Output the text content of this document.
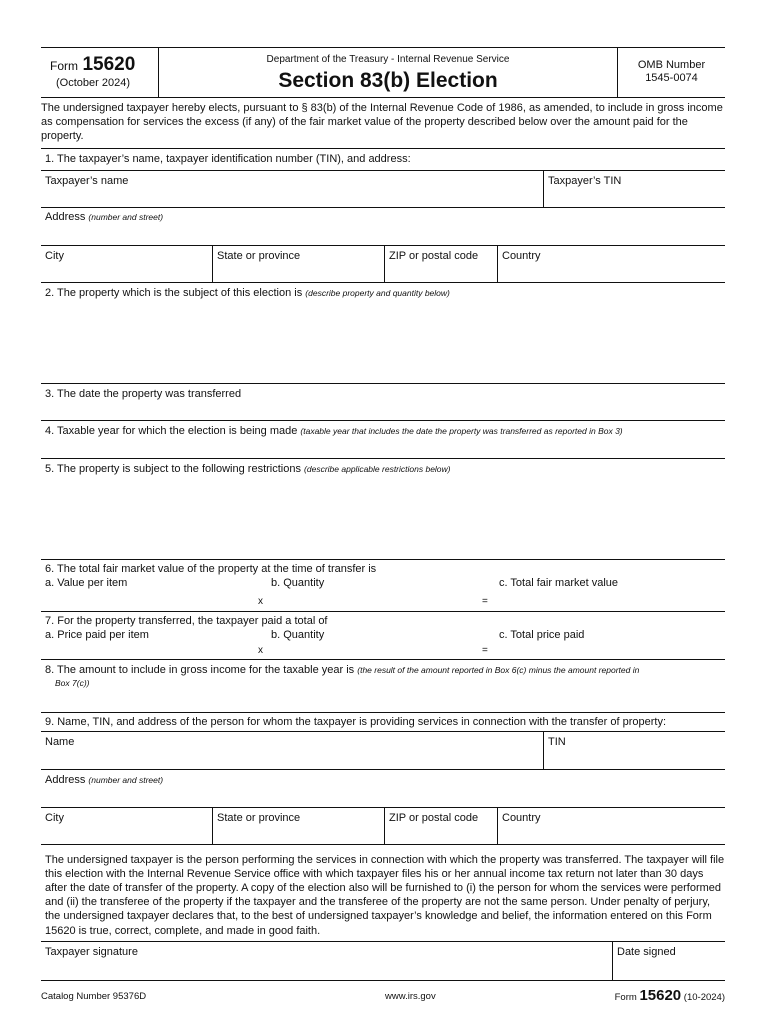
Form 15620
(October 2024)
Department of the Treasury - Internal Revenue Service
Section 83(b) Election
OMB Number
1545-0074
The undersigned taxpayer hereby elects, pursuant to § 83(b) of the Internal Revenue Code of 1986, as amended, to include in gross income as compensation for services the excess (if any) of the fair market value of the property described below over the amount paid for the property.
1. The taxpayer’s name, taxpayer identification number (TIN), and address:
Taxpayer’s name	Taxpayer’s TIN
Address (number and street)
City	State or province	ZIP or postal code	Country
2. The property which is the subject of this election is (describe property and quantity below)
3. The date the property was transferred
4. Taxable year for which the election is being made (taxable year that includes the date the property was transferred as reported in Box 3)
5. The property is subject to the following restrictions (describe applicable restrictions below)
6. The total fair market value of the property at the time of transfer is
a. Value per item	b. Quantity	c. Total fair market value
x	=
7. For the property transferred, the taxpayer paid a total of
a. Price paid per item	b. Quantity	c. Total price paid
x	=
8. The amount to include in gross income for the taxable year is (the result of the amount reported in Box 6(c) minus the amount reported in
Box 7(c))
9. Name, TIN, and address of the person for whom the taxpayer is providing services in connection with the transfer of property:
Name	TIN
Address (number and street)
City	State or province	ZIP or postal code	Country
The undersigned taxpayer is the person performing the services in connection with which the property was transferred. The taxpayer will file this election with the Internal Revenue Service office with which taxpayer files his or her annual income tax return not later than 30 days after the date of transfer of the property. A copy of the election also will be furnished to (i) the person for whom the services were performed and (ii) the transferee of the property if the taxpayer and the transferee of the property are not the same person. Under penalty of perjury, the undersigned taxpayer declares that, to the best of undersigned taxpayer’s knowledge and belief, the information entered on this Form 15620 is true, correct, complete, and made in good faith.
Taxpayer signature	Date signed
Catalog Number 95376D	www.irs.gov	Form 15620 (10-2024)
